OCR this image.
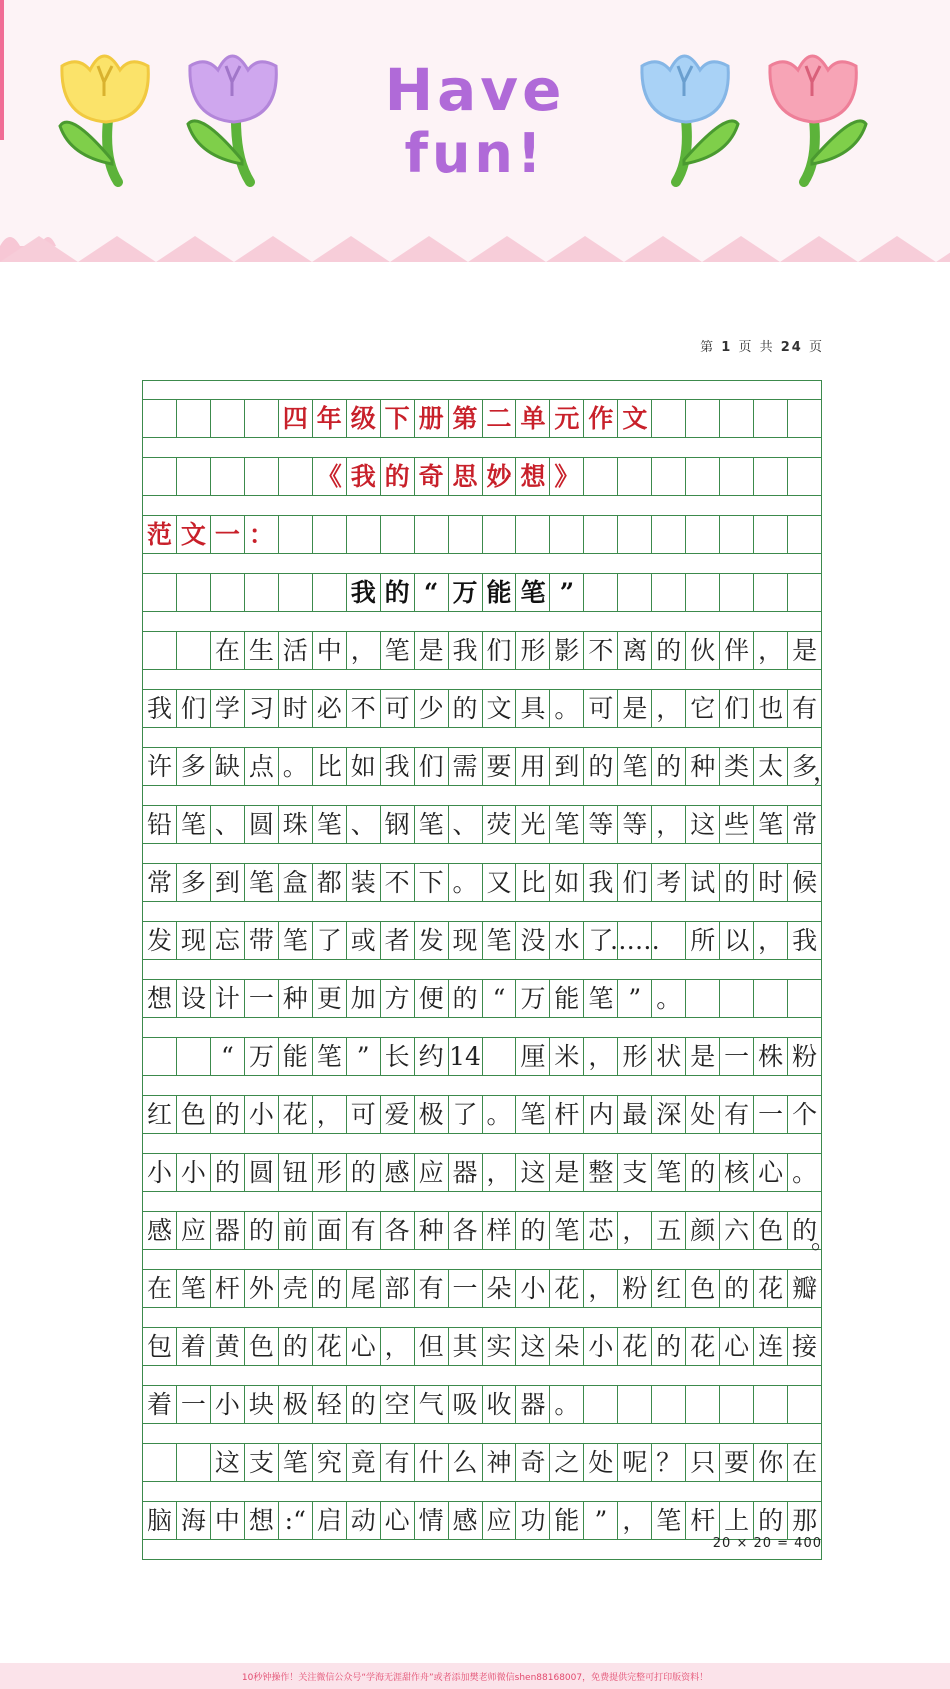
Have
fun!
第 1 页 共 24 页
四 年 级 下 册 第 二 单 元 作 文
《 我 的 奇 思 妙 想 》
范 文 一 ：
我 的 “ 万 能 笔 ”
在 生 活 中 ， 笔 是 我 们 形 影 不 离 的 伙 伴 ， 是
我 们 学 习 时 必 不 可 少 的 文 具 。 可 是 ， 它 们 也 有
许 多 缺 点 。 比 如 我 们 需 要 用 到 的 笔 的 种 类 太 多
，
铅 笔 、 圆 珠 笔 、 钢 笔 、 荧 光 笔 等 等 ， 这 些 笔 常
常 多 到 笔 盒 都 装 不 下 。 又 比 如 我 们 考 试 的 时 候
发 现 忘 带 笔 了 或 者 发 现 笔 没 水 了
…… 所 以 ， 我
想 设 计 一 种 更 加 方 便 的 “ 万 能 笔 ” 。
“ 万 能 笔 ” 长 约 14 厘 米 ， 形 状 是 一 株 粉
红 色 的 小 花 ， 可 爱 极 了 。 笔 杆 内 最 深 处 有 一 个
小 小 的 圆 钮 形 的 感 应 器 ， 这 是 整 支 笔 的 核 心 。
感 应 器 的 前 面 有 各 种 各 样 的 笔 芯 ， 五 颜 六 色 的
。
在 笔 杆 外 壳 的 尾 部 有 一 朵 小 花 ， 粉 红 色 的 花 瓣
包 着 黄 色 的 花 心 ， 但 其 实 这 朵 小 花 的 花 心 连 接
着 一 小 块 极 轻 的 空 气 吸 收 器 。
这 支 笔 究 竟 有 什 么 神 奇 之 处 呢 ？ 只 要 你 在
脑 海 中 想 :“ 启 动 心 情 感 应 功 能 ” ， 笔 杆 上 的 那
20 × 20 = 400
10秒钟操作！关注微信公众号“学海无涯甜作舟”或者添加樊老师微信shen88168007，免费提供完整可打印版资料！
